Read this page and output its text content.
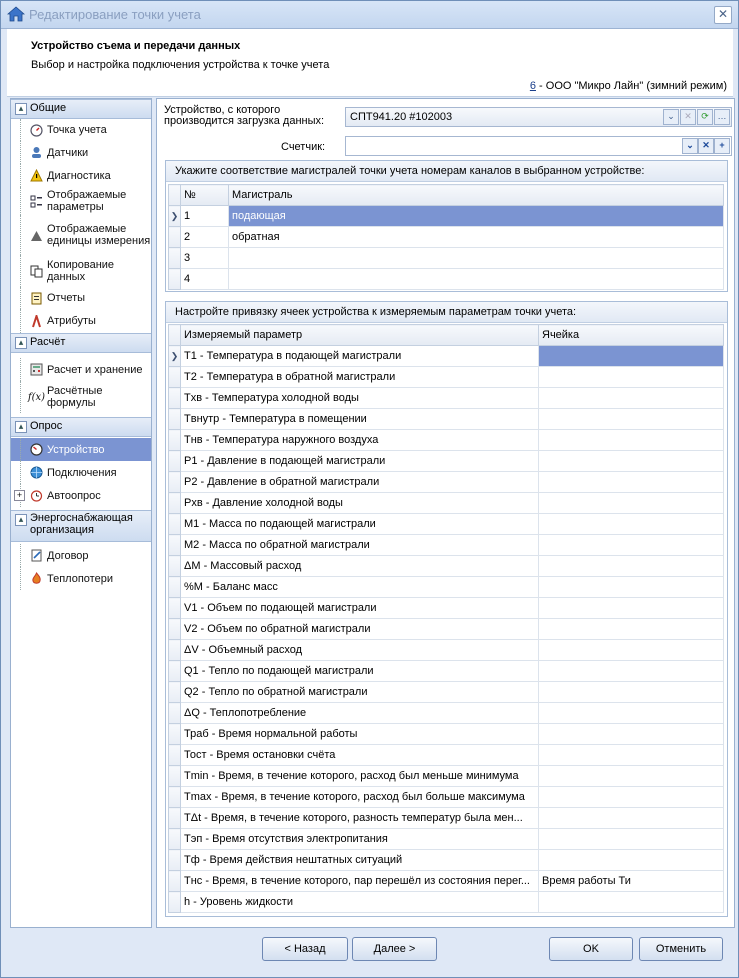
Редактирование точки учета	✕
Устройство съема и передачи данных
Выбор и настройка подключения устройства к точке учета
6 - ООО "Микро Лайн" (зимний режим)
▴ Общие
Точка учета
Датчики
Диагностика
Отображаемые параметры
Отображаемые единицы измерения
Копирование данных
Отчеты
Атрибуты
▴ Расчёт
Расчет и хранение
f(x) Расчётные формулы
▴ Опрос
Устройство
Подключения
+ Автоопрос
▴ Энергоснабжающая организация
Договор
Теплопотери
Устройство, с которого производится загрузка данных:	СПТ941.20 #102003	⌄	✕	⟳ …
Счетчик:	⌄ ✕	+
Укажите соответствие магистралей точки учета номерам каналов в выбранном устройстве:
	№	Магистраль
❯	1	подающая
	2	обратная
	3	
	4	
Настройте привязку ячеек устройства к измеряемым параметрам точки учета:
	Измеряемый параметр	Ячейка
❯	T1 - Температура в подающей магистрали	
	T2 - Температура в обратной магистрали	
	Tхв - Температура холодной воды	
	Tвнутр - Температура в помещении	
	Tнв - Температура наружного воздуха	
	P1 - Давление в подающей магистрали	
	P2 - Давление в обратной магистрали	
	Pхв - Давление холодной воды	
	M1 - Масса по подающей магистрали	
	M2 - Масса по обратной магистрали	
	ΔM - Массовый расход	
	%M - Баланс масс	
	V1 - Объем по подающей магистрали	
	V2 - Объем по обратной магистрали	
	ΔV - Объемный расход	
	Q1 - Тепло по подающей магистрали	
	Q2 - Тепло по обратной магистрали	
	ΔQ - Теплопотребление	
	Траб - Время нормальной работы	
	Тост - Время остановки счёта	
	Tmin - Время, в течение которого, расход был меньше минимума	
	Tmax - Время, в течение которого, расход был больше максимума	
	TΔt - Время, в течение которого, разность температур была мен...	
	Тэп - Время отсутствия электропитания	
	Тф - Время действия нештатных ситуаций	
	Tнс - Время, в течение которого, пар перешёл из состояния перег...	Время работы Ти
	h - Уровень жидкости	
< Назад	Далее >	OK	Отменить
